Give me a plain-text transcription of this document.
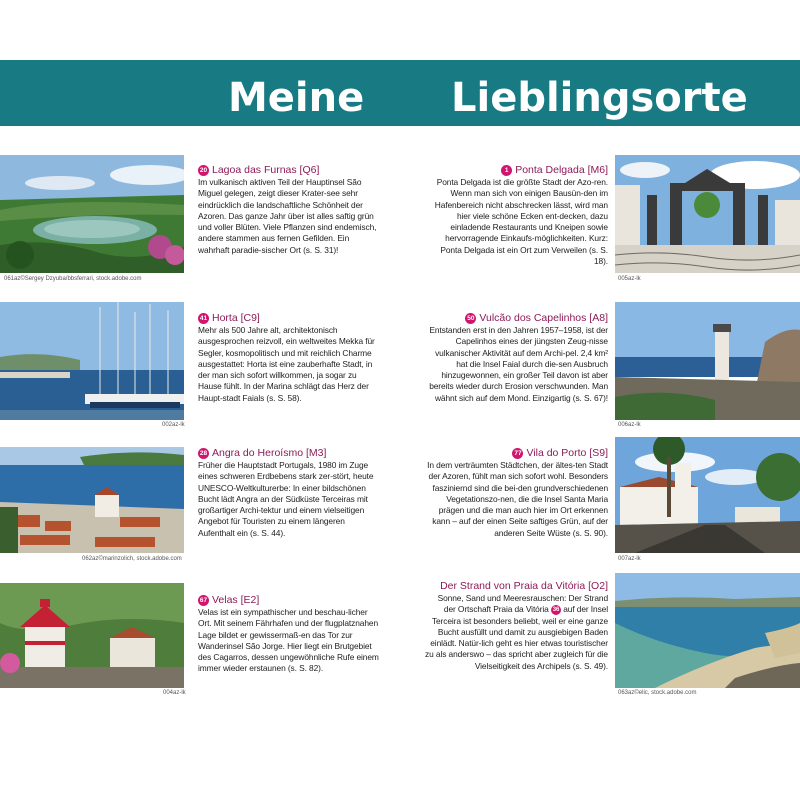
Meine Lieblingsorte
061az©Sergey Dzyuba/bbsferrari, stock.adobe.com
20 Lagoa das Furnas [Q6]
Im vulkanisch aktiven Teil der Hauptinsel São Miguel gelegen, zeigt dieser Krater-see sehr eindrücklich die landschaftliche Schönheit der Azoren. Das ganze Jahr über ist alles saftig grün und voller Blüten. Viele Pflanzen sind endemisch, andere stammen aus fernen Gefilden. Ein wahrhaft paradie-sischer Ort (s. S. 31)!
002az-lk
41 Horta [C9]
Mehr als 500 Jahre alt, architektonisch ausgesprochen reizvoll, ein weltweites Mekka für Segler, kosmopolitisch und mit reichlich Charme ausgestattet: Horta ist eine zauberhafte Stadt, in der man sich sofort willkommen, ja sogar zu Hause fühlt. In der Marina schlägt das Herz der Haupt-stadt Faials (s. S. 58).
062az©marinzolich, stock.adobe.com
28 Angra do Heroísmo [M3]
Früher die Hauptstadt Portugals, 1980 im Zuge eines schweren Erdbebens stark zer-stört, heute UNESCO-Weltkulturerbe: In einer bildschönen Bucht lädt Angra an der Südküste Terceiras mit großartiger Archi-tektur und einem vielseitigen Angebot für Touristen zu einem längeren Aufenthalt ein (s. S. 44).
004az-lk
67 Velas [E2]
Velas ist ein sympathischer und beschau-licher Ort. Mit seinem Fährhafen und der flugplatznahen Lage bildet er gewissermaß-en das Tor zur Wanderinsel São Jorge. Hier liegt ein Brutgebiet des Cagarros, dessen ungewöhnliche Rufe einem immer wieder erstaunen (s. S. 82).
005az-lk
1 Ponta Delgada [M6]
Ponta Delgada ist die größte Stadt der Azo-ren. Wenn man sich von einigen Bausün-den im Hafenbereich nicht abschrecken lässt, wird man hier viele schöne Ecken ent-decken, dazu einladende Restaurants und Kneipen sowie hervorragende Einkaufs-möglichkeiten. Kurz: Ponta Delgada ist ein Ort zum Verweilen (s. S. 18).
006az-lk
50 Vulcão dos Capelinhos [A8]
Entstanden erst in den Jahren 1957–1958, ist der Capelinhos eines der jüngsten Zeug-nisse vulkanischer Aktivität auf dem Archi-pel. 2,4 km² hat die Insel Faial durch die-sen Ausbruch hinzugewonnen, ein großer Teil davon ist aber bereits wieder durch Erosion verschwunden. Man wähnt sich auf dem Mond. Einzigartig (s. S. 67)!
007az-lk
77 Vila do Porto [S9]
In dem verträumten Städtchen, der ältes-ten Stadt der Azoren, fühlt man sich sofort wohl. Besonders fasziniernd sind die bei-den grundverschiedenen Vegetationszo-nen, die die Insel Santa Maria prägen und die man auch hier im Ort erkennen kann – auf der einen Seite saftiges Grün, auf der anderen Seite Wüste (s. S. 90).
063az©elic, stock.adobe.com
Der Strand von Praia da Vitória [O2]
Sonne, Sand und Meeresrauschen: Der Strand der Ortschaft Praia da Vitória 36 auf der Insel Terceira ist besonders beliebt, weil er eine ganze Bucht ausfüllt und damit zu ausgiebigen Baden einlädt. Natür-lich geht es hier etwas touristischer zu als anderswo – das spricht aber zugleich für die Vielseitigkeit des Archipels (s. S. 49).
